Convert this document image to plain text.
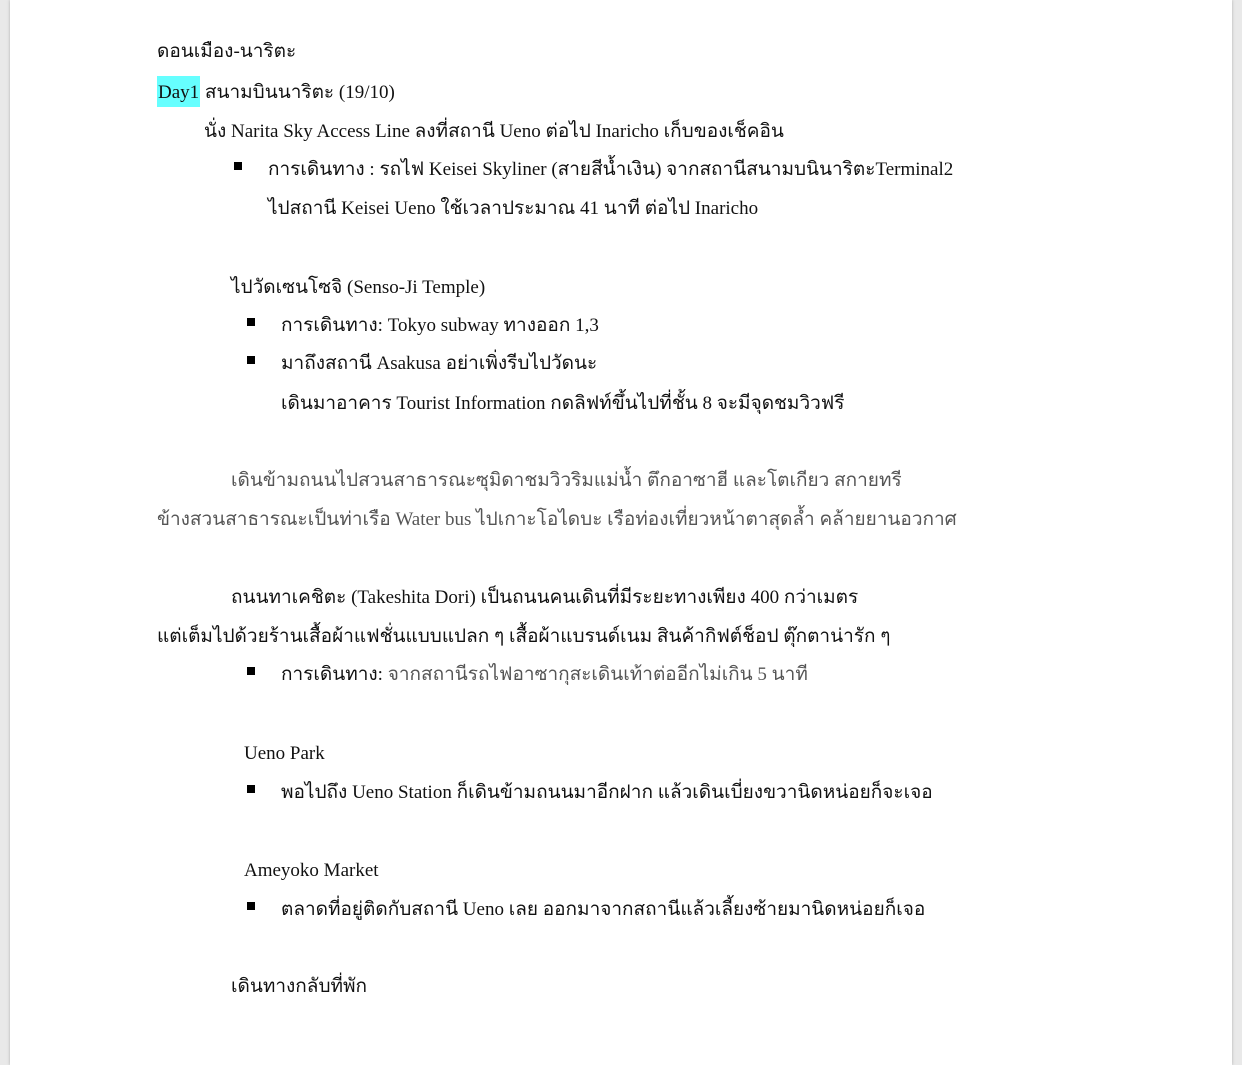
ดอนเมือง-นาริตะ
Day1 สนามบินนาริตะ (19/10)
นั่ง Narita Sky Access Line ลงที่สถานี Ueno ต่อไป Inaricho เก็บของเช็คอิน
การเดินทาง : รถไฟ Keisei Skyliner (สายสีน้ำเงิน) จากสถานีสนามบนินาริตะTerminal2
ไปสถานี Keisei Ueno ใช้เวลาประมาณ 41 นาที ต่อไป Inaricho
ไปวัดเซนโซจิ (Senso-Ji Temple)
การเดินทาง: Tokyo subway ทางออก 1,3
มาถึงสถานี Asakusa อย่าเพิ่งรีบไปวัดนะ
เดินมาอาคาร Tourist Information กดลิฟท์ขึ้นไปที่ชั้น 8 จะมีจุดชมวิวฟรี
เดินข้ามถนนไปสวนสาธารณะซุมิดาชมวิวริมแม่น้ำ ตึกอาซาฮี และโตเกียว สกายทรี
ข้างสวนสาธารณะเป็นท่าเรือ Water bus ไปเกาะโอไดบะ เรือท่องเที่ยวหน้าตาสุดล้ำ คล้ายยานอวกาศ
ถนนทาเคชิตะ (Takeshita Dori) เป็นถนนคนเดินที่มีระยะทางเพียง 400 กว่าเมตร
แต่เต็มไปด้วยร้านเสื้อผ้าแฟชั่นแบบแปลก ๆ เสื้อผ้าแบรนด์เนม สินค้ากิฟต์ช็อป ตุ๊กตาน่ารัก ๆ
การเดินทาง: จากสถานีรถไฟอาซากุสะเดินเท้าต่ออีกไม่เกิน 5 นาที
Ueno Park
พอไปถึง Ueno Station ก็เดินข้ามถนนมาอีกฝาก แล้วเดินเบี่ยงขวานิดหน่อยก็จะเจอ
Ameyoko Market
ตลาดที่อยู่ติดกับสถานี Ueno เลย ออกมาจากสถานีแล้วเลี้ยงซ้ายมานิดหน่อยก็เจอ
เดินทางกลับที่พัก
